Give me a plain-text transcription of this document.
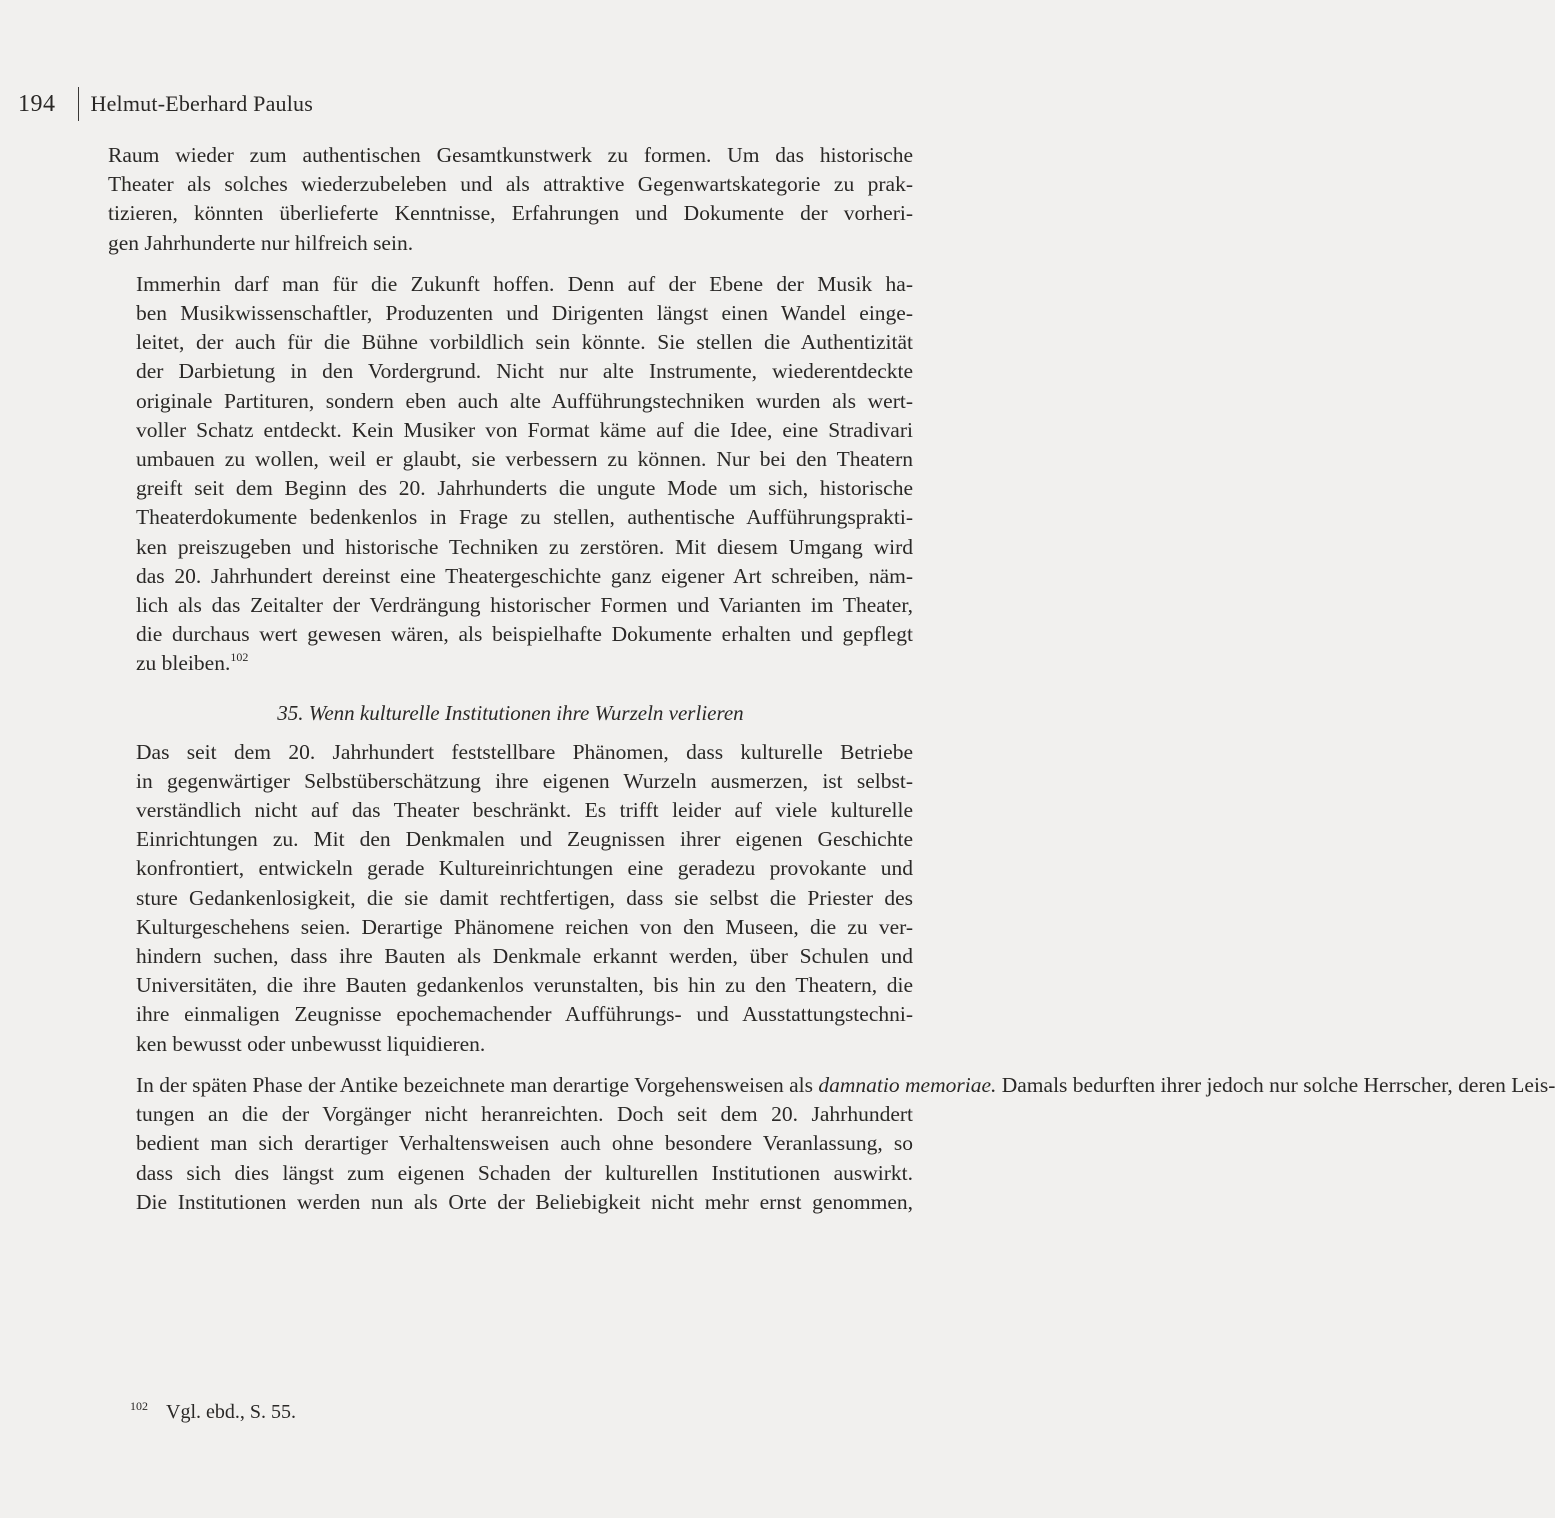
194 Helmut-Eberhard Paulus

Raum wieder zum authentischen Gesamtkunstwerk zu formen. Um das historische
Theater als solches wiederzubeleben und als attraktive Gegenwartskategorie zu prak-
tizieren, könnten überlieferte Kenntnisse, Erfahrungen und Dokumente der vorheri-
gen Jahrhunderte nur hilfreich sein.

Immerhin darf man für die Zukunft hoffen. Denn auf der Ebene der Musik ha-
ben Musikwissenschaftler, Produzenten und Dirigenten längst einen Wandel einge-
leitet, der auch für die Bühne vorbildlich sein könnte. Sie stellen die Authentizität
der Darbietung in den Vordergrund. Nicht nur alte Instrumente, wiederentdeckte
originale Partituren, sondern eben auch alte Aufführungstechniken wurden als wert-
voller Schatz entdeckt. Kein Musiker von Format käme auf die Idee, eine Stradivari
umbauen zu wollen, weil er glaubt, sie verbessern zu können. Nur bei den Theatern
greift seit dem Beginn des 20. Jahrhunderts die ungute Mode um sich, historische
Theaterdokumente bedenkenlos in Frage zu stellen, authentische Aufführungsprakti-
ken preiszugeben und historische Techniken zu zerstören. Mit diesem Umgang wird
das 20. Jahrhundert dereinst eine Theatergeschichte ganz eigener Art schreiben, näm-
lich als das Zeitalter der Verdrängung historischer Formen und Varianten im Theater,
die durchaus wert gewesen wären, als beispielhafte Dokumente erhalten und gepflegt
zu bleiben.$^{102}$

35. Wenn kulturelle Institutionen ihre Wurzeln verlieren

Das seit dem 20. Jahrhundert feststellbare Phänomen, dass kulturelle Betriebe
in gegenwärtiger Selbstüberschätzung ihre eigenen Wurzeln ausmerzen, ist selbst-
verständlich nicht auf das Theater beschränkt. Es trifft leider auf viele kulturelle
Einrichtungen zu. Mit den Denkmalen und Zeugnissen ihrer eigenen Geschichte
konfrontiert, entwickeln gerade Kultureinrichtungen eine geradezu provokante und
sture Gedankenlosigkeit, die sie damit rechtfertigen, dass sie selbst die Priester des
Kulturgeschehens seien. Derartige Phänomene reichen von den Museen, die zu ver-
hindern suchen, dass ihre Bauten als Denkmale erkannt werden, über Schulen und
Universitäten, die ihre Bauten gedankenlos verunstalten, bis hin zu den Theatern, die
ihre einmaligen Zeugnisse epochemachender Aufführungs- und Ausstattungstechni-
ken bewusst oder unbewusst liquidieren.

In der späten Phase der Antike bezeichnete man derartige Vorgehensweisen als damnatio memoriae. Damals bedurften ihrer jedoch nur solche Herrscher, deren Leis-
tungen an die der Vorgänger nicht heranreichten. Doch seit dem 20. Jahrhundert
bedient man sich derartiger Verhaltensweisen auch ohne besondere Veranlassung, so
dass sich dies längst zum eigenen Schaden der kulturellen Institutionen auswirkt.
Die Institutionen werden nun als Orte der Beliebigkeit nicht mehr ernst genommen,

$^{102}$ Vgl. ebd., S. 55.
